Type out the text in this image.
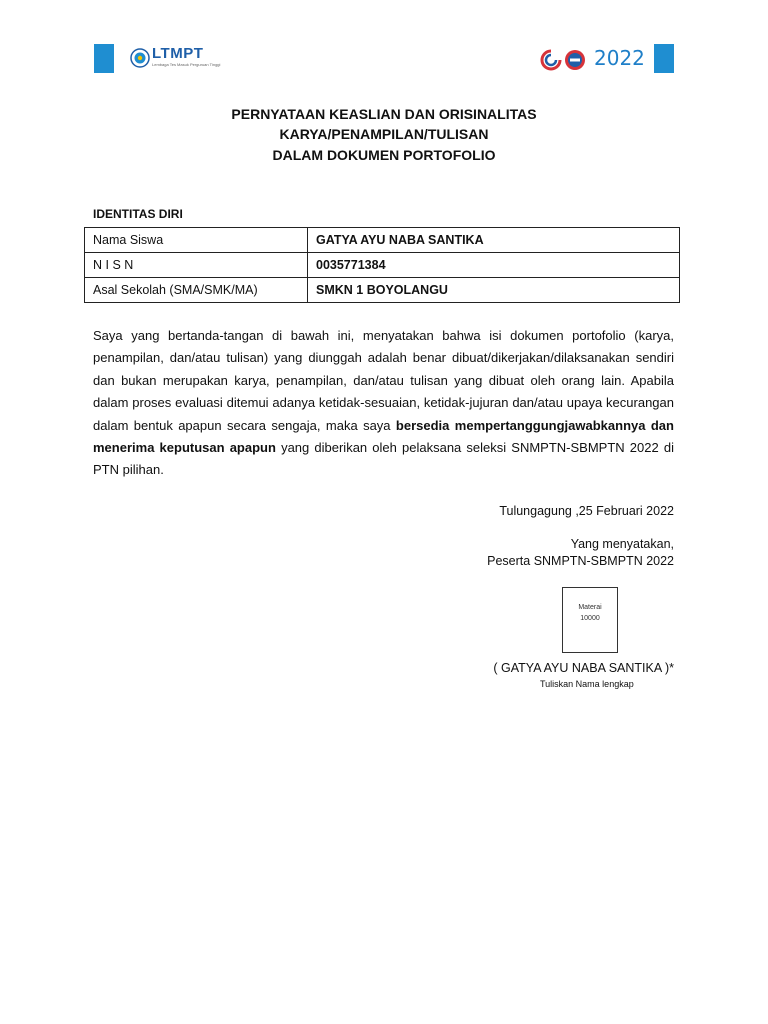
LTMPT
Lembaga Tes Masuk Perguruan Tinggi	2022
PERNYATAAN KEASLIAN DAN ORISINALITAS
KARYA/PENAMPILAN/TULISAN
DALAM DOKUMEN PORTOFOLIO
IDENTITAS DIRI
Nama Siswa	GATYA AYU NABA SANTIKA
N I S N	0035771384
Asal Sekolah (SMA/SMK/MA)	SMKN 1 BOYOLANGU
Saya yang bertanda-tangan di bawah ini, menyatakan bahwa isi dokumen portofolio (karya, penampilan, dan/atau tulisan) yang diunggah adalah benar dibuat/dikerjakan/dilaksanakan sendiri dan bukan merupakan karya, penampilan, dan/atau tulisan yang dibuat oleh orang lain. Apabila dalam proses evaluasi ditemui adanya ketidak-sesuaian, ketidak-jujuran dan/atau upaya kecurangan dalam bentuk apapun secara sengaja, maka saya bersedia mempertanggungjawabkannya dan menerima keputusan apapun yang diberikan oleh pelaksana seleksi SNMPTN-SBMPTN 2022 di PTN pilihan.
Tulungagung ,25 Februari 2022
Yang menyatakan,
Peserta SNMPTN-SBMPTN 2022
Materai
10000
( GATYA AYU NABA SANTIKA )*
Tuliskan Nama lengkap
